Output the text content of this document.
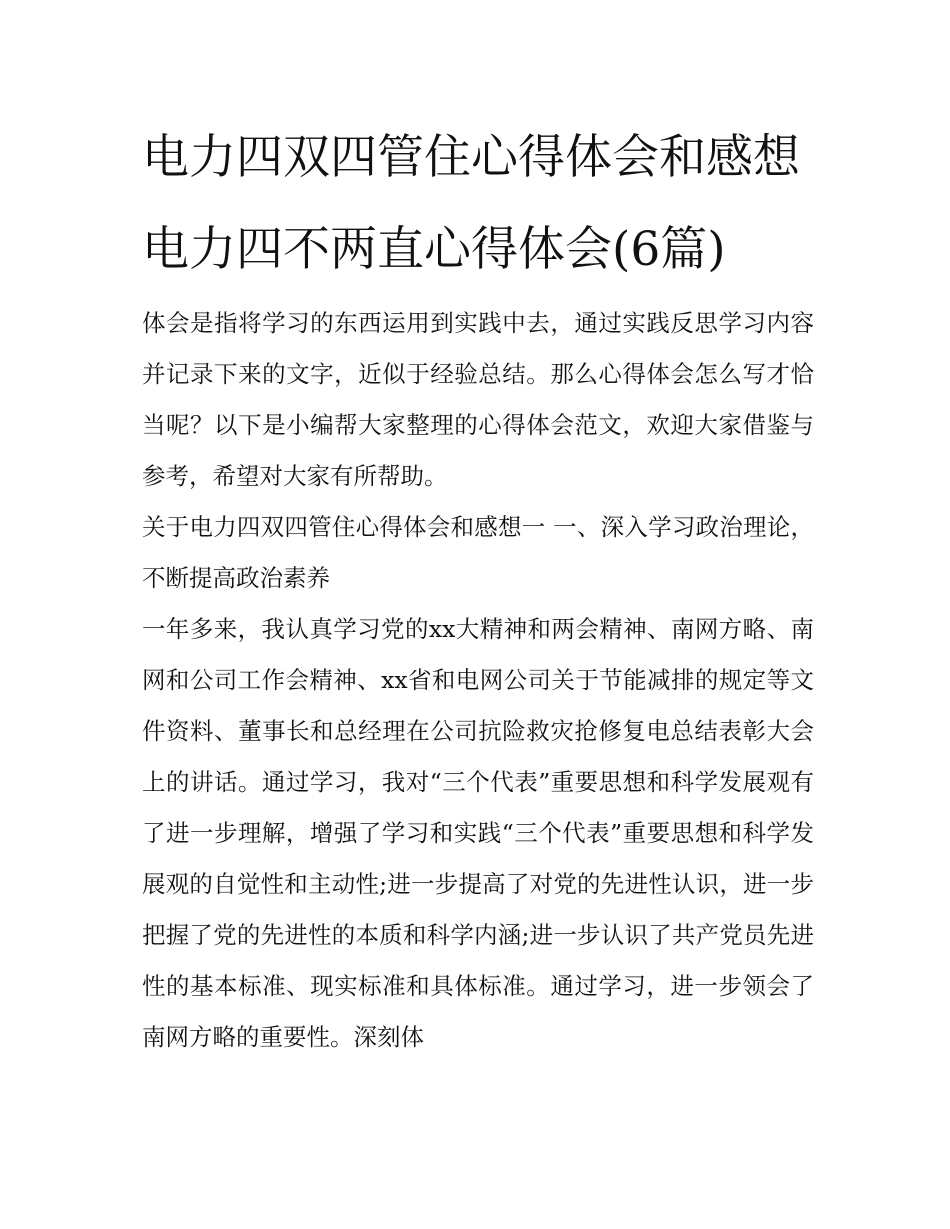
电力四双四管住心得体会和感想 电力四不两直心得体会(6篇)

体会是指将学习的东西运用到实践中去，通过实践反思学习内容并记录下来的文字，近似于经验总结。那么心得体会怎么写才恰当呢？以下是小编帮大家整理的心得体会范文，欢迎大家借鉴与参考，希望对大家有所帮助。

关于电力四双四管住心得体会和感想一 一、深入学习政治理论，不断提高政治素养

一年多来，我认真学习党的xx大精神和两会精神、南网方略、南网和公司工作会精神、xx省和电网公司关于节能减排的规定等文件资料、董事长和总经理在公司抗险救灾抢修复电总结表彰大会上的讲话。通过学习，我对“三个代表”重要思想和科学发展观有了进一步理解，增强了学习和实践“三个代表”重要思想和科学发展观的自觉性和主动性;进一步提高了对党的先进性认识，进一步把握了党的先进性的本质和科学内涵;进一步认识了共产党员先进性的基本标准、现实标准和具体标准。通过学习，进一步领会了南网方略的重要性。深刻体
